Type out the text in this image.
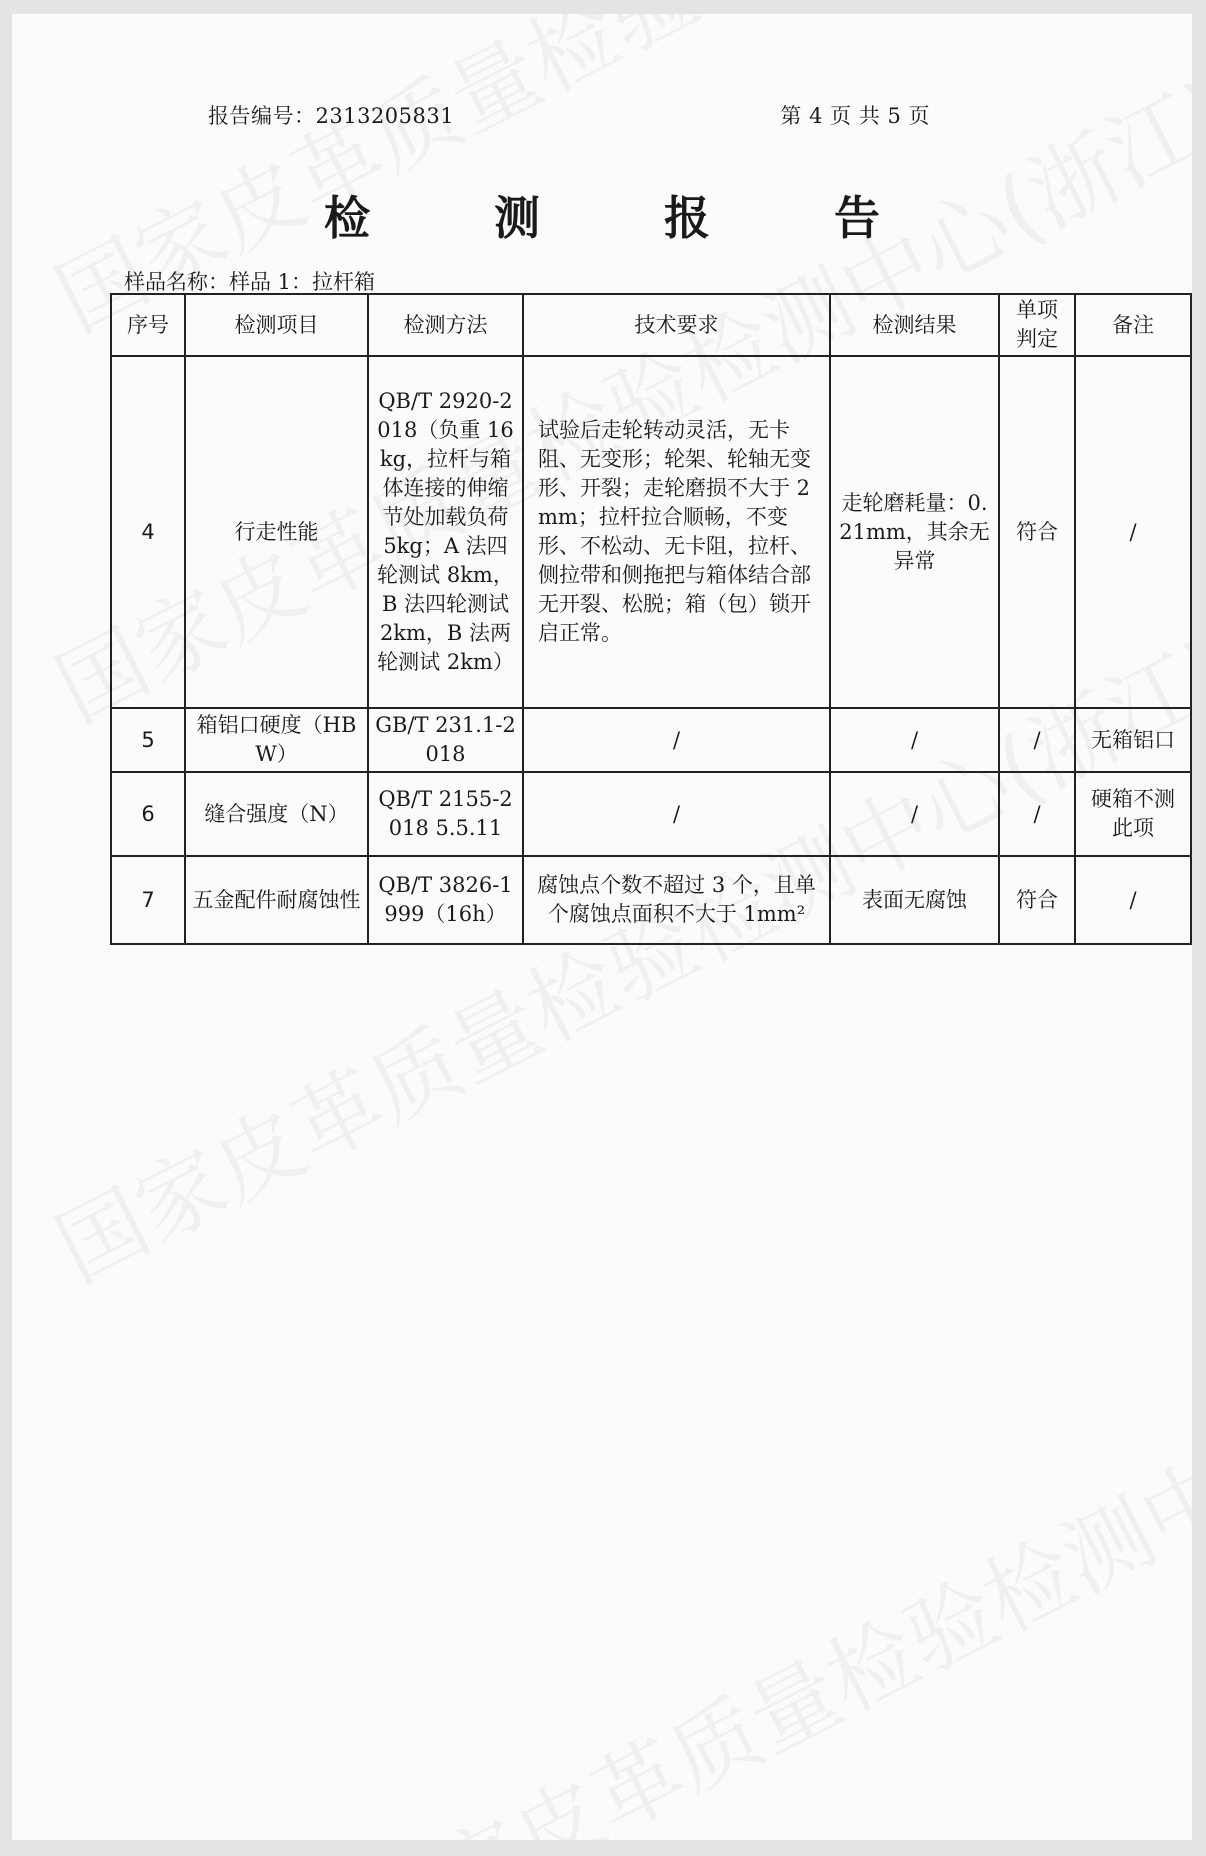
报告编号：2313205831	第 4 页 共 5 页
检 测 报 告
样品名称：样品 1：拉杆箱
序号	检测项目	检测方法	技术要求	检测结果	单项判定	备注
4	行走性能	QB/T 2920-2018（负重 16kg，拉杆与箱体连接的伸缩节处加载负荷 5kg；A 法四轮测试 8km，B 法四轮测试 2km，B 法两轮测试 2km）	试验后走轮转动灵活，无卡阻、无变形；轮架、轮轴无变形、开裂；走轮磨损不大于 2mm；拉杆拉合顺畅，不变形、不松动、无卡阻，拉杆、侧拉带和侧拖把与箱体结合部无开裂、松脱；箱（包）锁开启正常。	走轮磨耗量：0.21mm，其余无异常	符合	/
5	箱铝口硬度（HBW）	GB/T 231.1-2018	/	/	/	无箱铝口
6	缝合强度（N）	QB/T 2155-2018 5.5.11	/	/	/	硬箱不测此项
7	五金配件耐腐蚀性	QB/T 3826-1999（16h）	腐蚀点个数不超过 3 个，且单个腐蚀点面积不大于 1mm²	表面无腐蚀	符合	/
